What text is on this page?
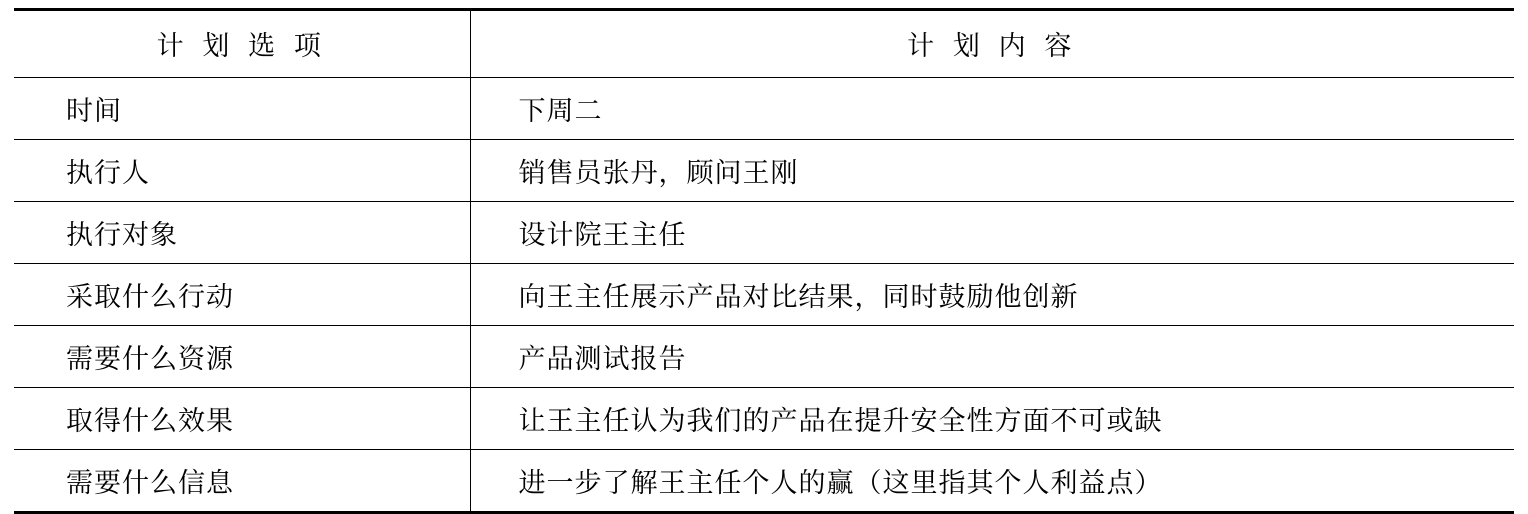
计 划 选 项	计 划 内 容
时间	下周二
执行人	销售员张丹，顾问王刚
执行对象	设计院王主任
采取什么行动	向王主任展示产品对比结果，同时鼓励他创新
需要什么资源	产品测试报告
取得什么效果	让王主任认为我们的产品在提升安全性方面不可或缺
需要什么信息	进一步了解王主任个人的赢（这里指其个人利益点）
